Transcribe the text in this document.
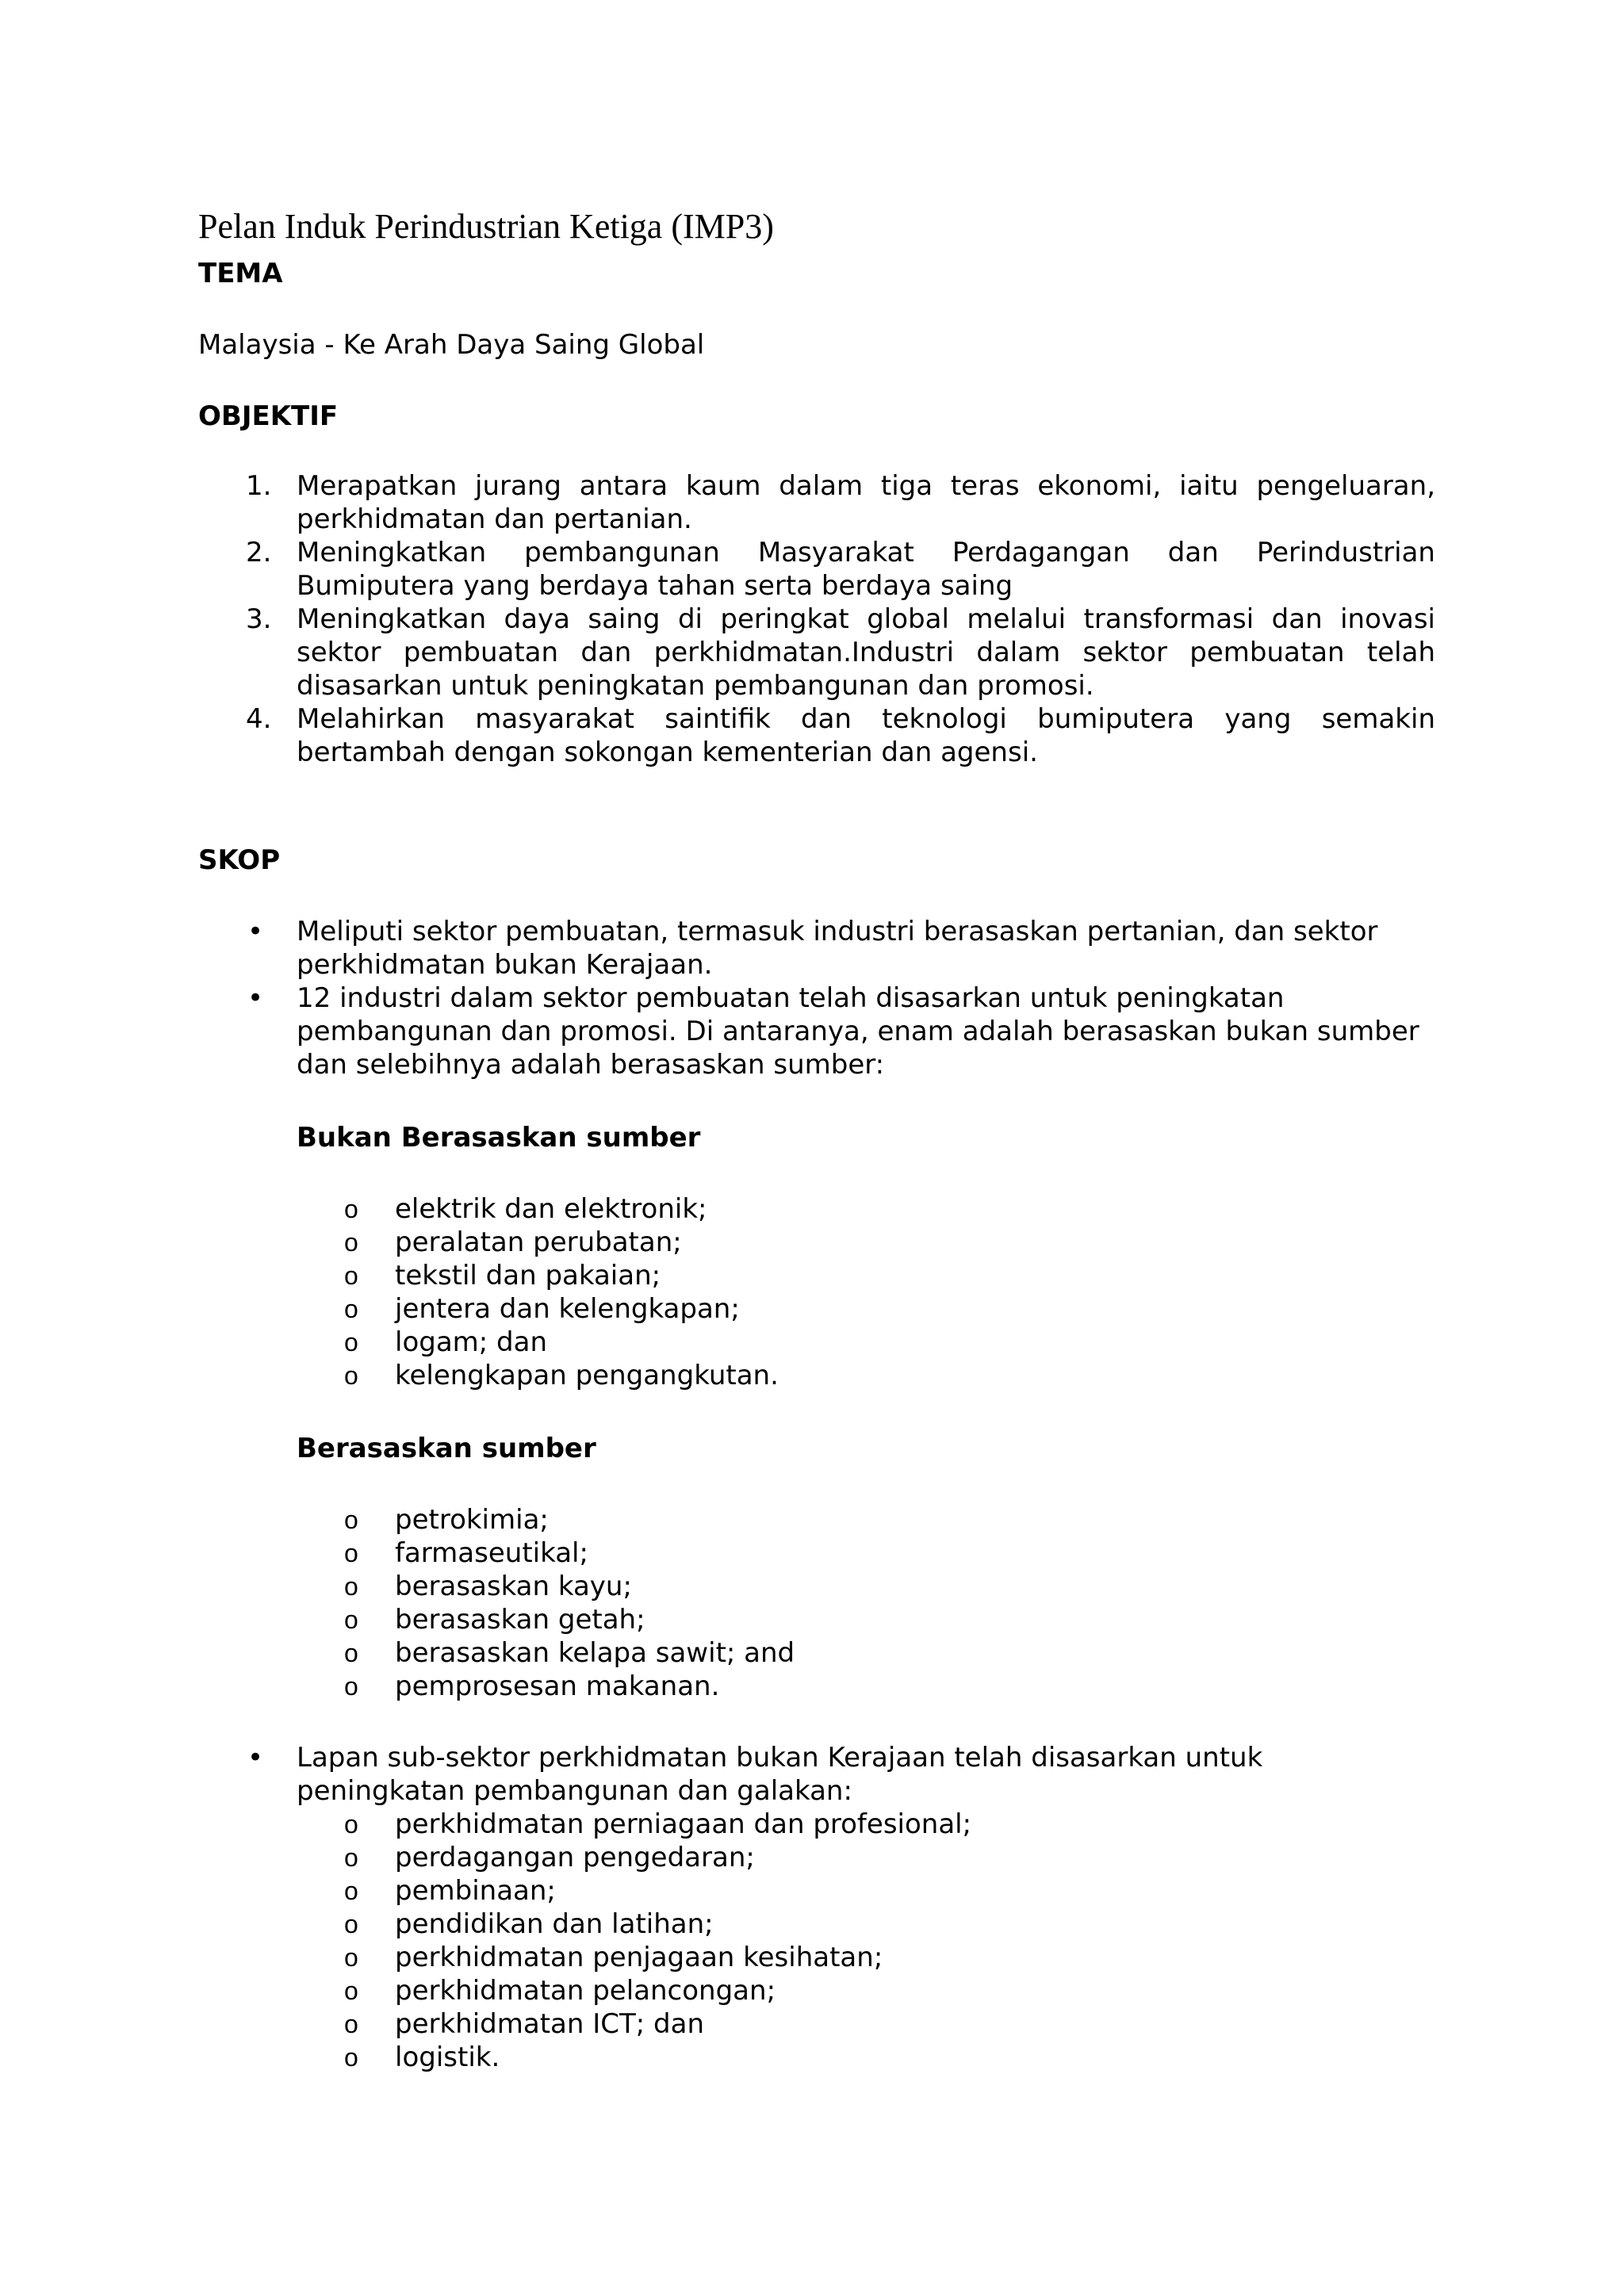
Pelan Induk Perindustrian Ketiga (IMP3)
TEMA
Malaysia - Ke Arah Daya Saing Global
OBJEKTIF
1. Merapatkan jurang antara kaum dalam tiga teras ekonomi, iaitu pengeluaran, perkhidmatan dan pertanian.
2. Meningkatkan pembangunan Masyarakat Perdagangan dan Perindustrian Bumiputera yang berdaya tahan serta berdaya saing
3. Meningkatkan daya saing di peringkat global melalui transformasi dan inovasi sektor pembuatan dan perkhidmatan.Industri dalam sektor pembuatan telah disasarkan untuk peningkatan pembangunan dan promosi.
4. Melahirkan masyarakat saintifik dan teknologi bumiputera yang semakin bertambah dengan sokongan kementerian dan agensi.
SKOP
• Meliputi sektor pembuatan, termasuk industri berasaskan pertanian, dan sektor perkhidmatan bukan Kerajaan.
• 12 industri dalam sektor pembuatan telah disasarkan untuk peningkatan pembangunan dan promosi. Di antaranya, enam adalah berasaskan bukan sumber dan selebihnya adalah berasaskan sumber:
Bukan Berasaskan sumber
o elektrik dan elektronik;
o peralatan perubatan;
o tekstil dan pakaian;
o jentera dan kelengkapan;
o logam; dan
o kelengkapan pengangkutan.
Berasaskan sumber
o petrokimia;
o farmaseutikal;
o berasaskan kayu;
o berasaskan getah;
o berasaskan kelapa sawit; and
o pemprosesan makanan.
• Lapan sub-sektor perkhidmatan bukan Kerajaan telah disasarkan untuk peningkatan pembangunan dan galakan:
o perkhidmatan perniagaan dan profesional;
o perdagangan pengedaran;
o pembinaan;
o pendidikan dan latihan;
o perkhidmatan penjagaan kesihatan;
o perkhidmatan pelancongan;
o perkhidmatan ICT; dan
o logistik.
